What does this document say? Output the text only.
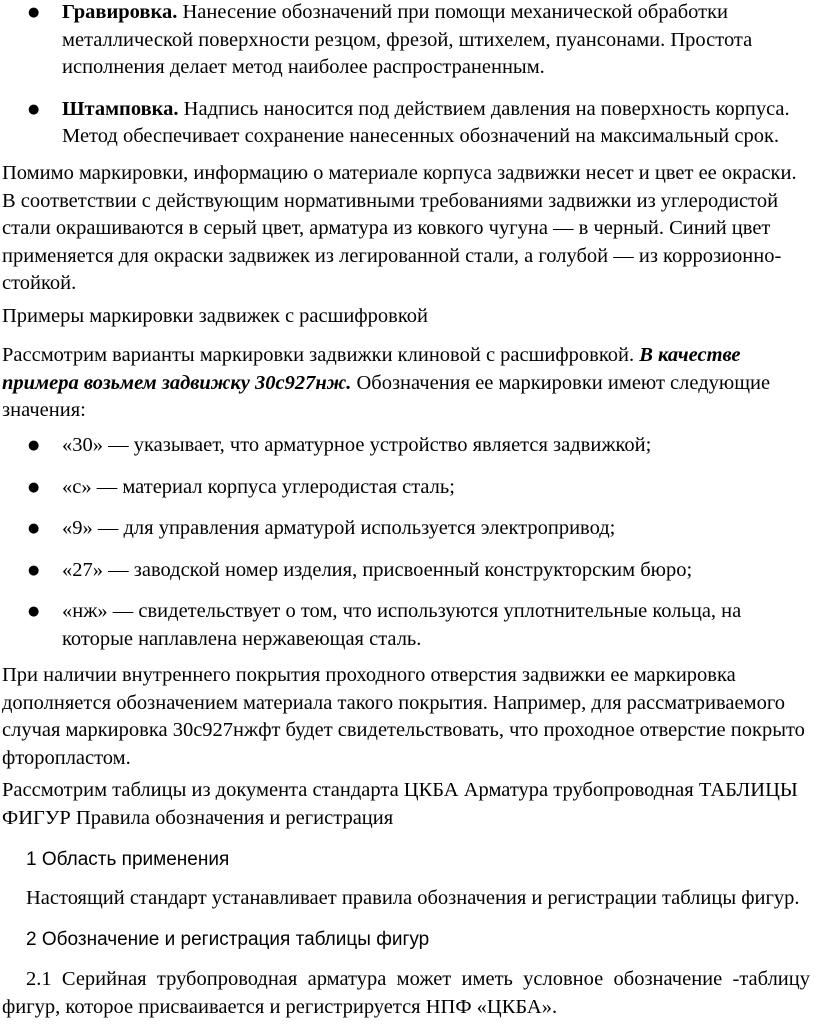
● Гравировка. Нанесение обозначений при помощи механической обработки металлической поверхности резцом, фрезой, штихелем, пуансонами. Простота исполнения делает метод наиболее распространенным.
● Штамповка. Надпись наносится под действием давления на поверхность корпуса. Метод обеспечивает сохранение нанесенных обозначений на максимальный срок.

Помимо маркировки, информацию о материале корпуса задвижки несет и цвет ее окраски. В соответствии с действующим нормативными требованиями задвижки из углеродистой стали окрашиваются в серый цвет, арматура из ковкого чугуна — в черный. Синий цвет применяется для окраски задвижек из легированной стали, а голубой — из коррозионно-стойкой.

Примеры маркировки задвижек с расшифровкой

Рассмотрим варианты маркировки задвижки клиновой с расшифровкой. В качестве примера возьмем задвижку 30с927нж. Обозначения ее маркировки имеют следующие значения:

● «30» — указывает, что арматурное устройство является задвижкой;
● «с» — материал корпуса углеродистая сталь;
● «9» — для управления арматурой используется электропривод;
● «27» — заводской номер изделия, присвоенный конструкторским бюро;
● «нж» — свидетельствует о том, что используются уплотнительные кольца, на которые наплавлена нержавеющая сталь.

При наличии внутреннего покрытия проходного отверстия задвижки ее маркировка дополняется обозначением материала такого покрытия. Например, для рассматриваемого случая маркировка 30с927нжфт будет свидетельствовать, что проходное отверстие покрыто фторопластом.

Рассмотрим таблицы из документа стандарта ЦКБА Арматура трубопроводная ТАБЛИЦЫ ФИГУР Правила обозначения и регистрация

1 Область применения

Настоящий стандарт устанавливает правила обозначения и регистрации таблицы фигур.

2 Обозначение и регистрация таблицы фигур

2.1 Серийная трубопроводная арматура может иметь условное обозначение -таблицу фигур, которое присваивается и регистрируется НПФ «ЦКБА».
